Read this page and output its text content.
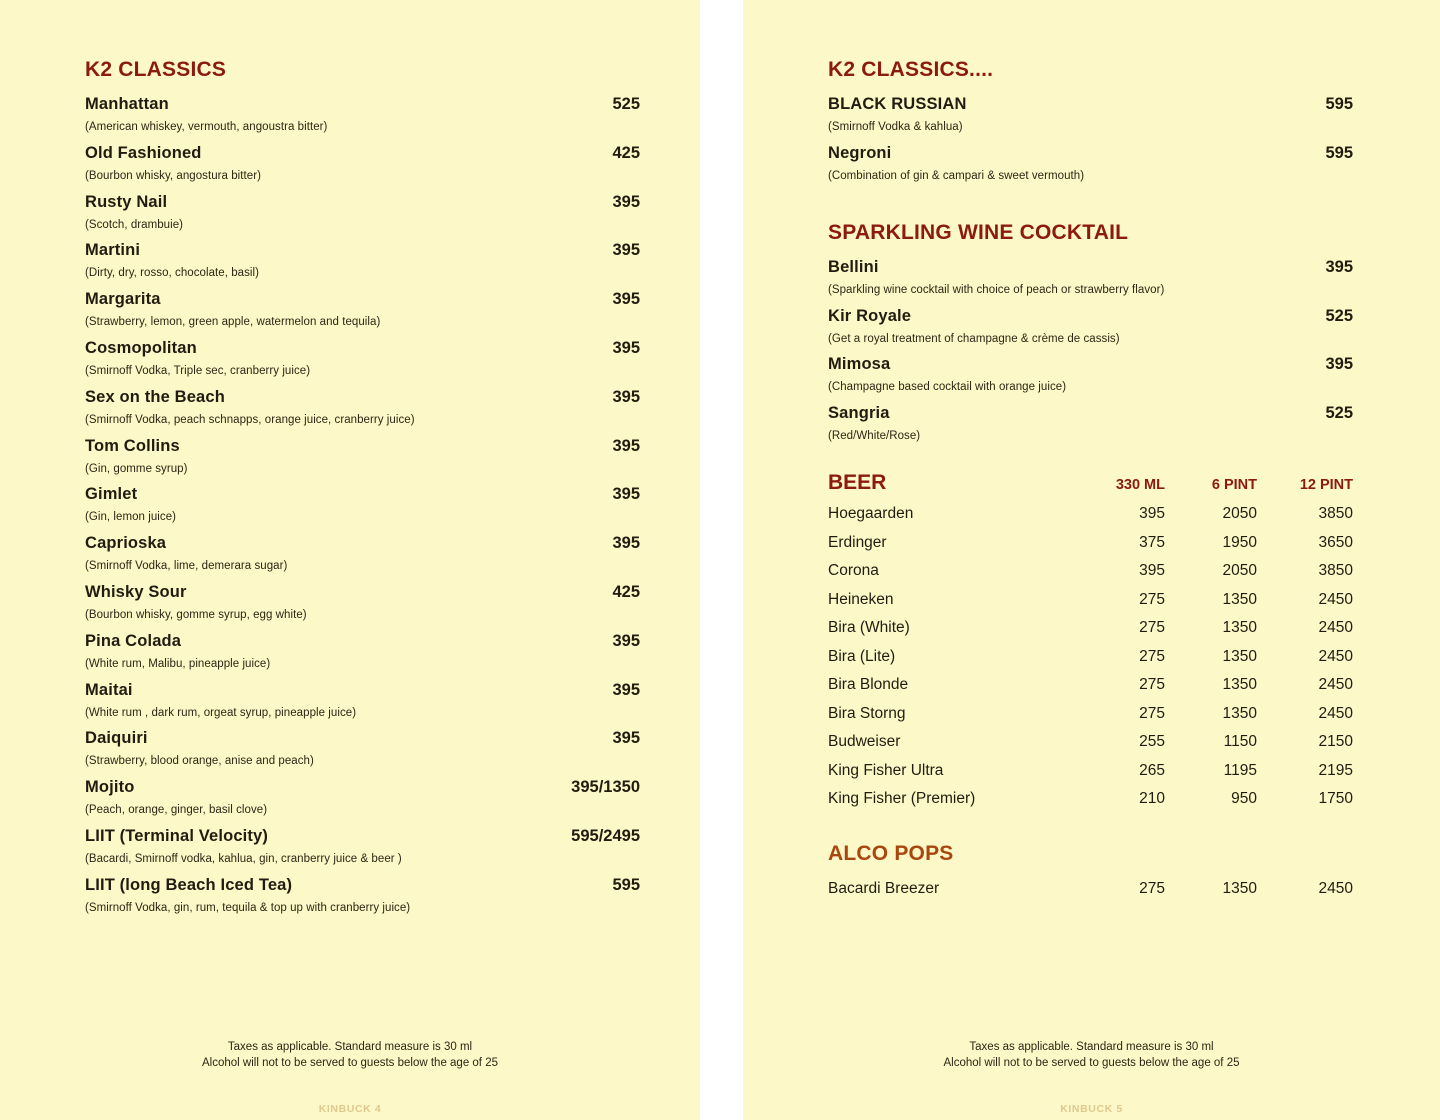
K2 CLASSICS
Manhattan	525
(American whiskey, vermouth, angoustra bitter)
Old Fashioned	425
(Bourbon whisky, angostura bitter)
Rusty Nail	395
(Scotch, drambuie)
Martini	395
(Dirty, dry, rosso, chocolate, basil)
Margarita	395
(Strawberry, lemon, green apple, watermelon and tequila)
Cosmopolitan	395
(Smirnoff Vodka, Triple sec, cranberry juice)
Sex on the Beach	395
(Smirnoff Vodka, peach schnapps, orange juice, cranberry juice)
Tom Collins	395
(Gin, gomme syrup)
Gimlet	395
(Gin, lemon juice)
Caprioska	395
(Smirnoff Vodka, lime, demerara sugar)
Whisky Sour	425
(Bourbon whisky, gomme syrup, egg white)
Pina Colada	395
(White rum, Malibu, pineapple juice)
Maitai	395
(White rum , dark rum, orgeat syrup, pineapple juice)
Daiquiri	395
(Strawberry, blood orange, anise and peach)
Mojito	395/1350
(Peach, orange, ginger, basil clove)
LIIT (Terminal Velocity)	595/2495
(Bacardi, Smirnoff vodka, kahlua, gin, cranberry juice & beer )
LIIT (long Beach Iced Tea)	595
(Smirnoff Vodka, gin, rum, tequila & top up with cranberry juice)
Taxes as applicable. Standard measure is 30 ml
Alcohol will not to be served to guests below the age of 25
KINBUCK 4
K2 CLASSICS....
BLACK RUSSIAN	595
(Smirnoff Vodka & kahlua)
Negroni	595
(Combination of gin & campari & sweet vermouth)
SPARKLING WINE COCKTAIL
Bellini	395
(Sparkling wine cocktail with choice of peach or strawberry flavor)
Kir Royale	525
(Get a royal treatment of champagne & crème de cassis)
Mimosa	395
(Champagne based cocktail with orange juice)
Sangria	525
(Red/White/Rose)
BEER	330 ML	6 PINT	12 PINT
Hoegaarden	395	2050	3850
Erdinger	375	1950	3650
Corona	395	2050	3850
Heineken	275	1350	2450
Bira (White)	275	1350	2450
Bira (Lite)	275	1350	2450
Bira Blonde	275	1350	2450
Bira Storng	275	1350	2450
Budweiser	255	1150	2150
King Fisher Ultra	265	1195	2195
King Fisher (Premier)	210	950	1750
ALCO POPS
Bacardi Breezer	275	1350	2450
Taxes as applicable. Standard measure is 30 ml
Alcohol will not to be served to guests below the age of 25
KINBUCK 5
